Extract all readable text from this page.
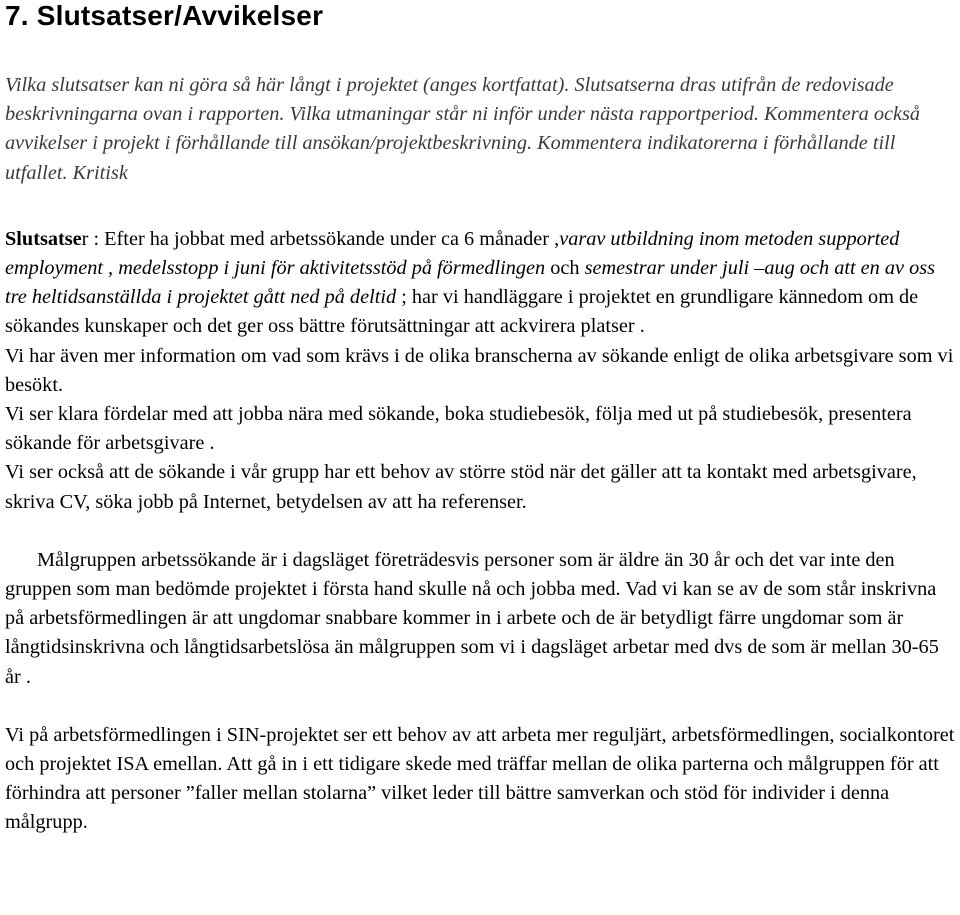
7. Slutsatser/Avvikelser

Vilka slutsatser kan ni göra så här långt i projektet (anges kortfattat). Slutsatserna dras utifrån de redovisade beskrivningarna ovan i rapporten. Vilka utmaningar står ni inför under nästa rapportperiod. Kommentera också avvikelser i projekt i förhållande till ansökan/projektbeskrivning. Kommentera indikatorerna i förhållande till utfallet. Kritisk

Slutsatser : Efter ha jobbat med arbetssökande under ca 6 månader ,varav utbildning inom metoden supported employment , medelsstopp i juni för aktivitetsstöd på förmedlingen och semestrar under juli –aug och att en av oss tre heltidsanställda i projektet gått ned på deltid ; har vi handläggare i projektet en grundligare kännedom om de sökandes kunskaper och det ger oss bättre förutsättningar att ackvirera platser .

Vi har även mer information om vad som krävs i de olika branscherna av sökande enligt de olika arbetsgivare som vi besökt.

Vi ser klara fördelar med att jobba nära med sökande, boka studiebesök, följa med ut på studiebesök, presentera sökande för arbetsgivare .

Vi ser också att de sökande i vår grupp har ett behov av större stöd när det gäller att ta kontakt med arbetsgivare, skriva CV, söka jobb på Internet, betydelsen av att ha referenser.

Målgruppen arbetssökande är i dagsläget företrädesvis personer som är äldre än 30 år och det var inte den gruppen som man bedömde projektet i första hand skulle nå och jobba med. Vad vi kan se av de som står inskrivna på arbetsförmedlingen är att ungdomar snabbare kommer in i arbete och de är betydligt färre ungdomar som är långtidsinskrivna och långtidsarbetslösa än målgruppen som vi i dagsläget arbetar med dvs de som är mellan 30-65 år .

Vi på arbetsförmedlingen i SIN-projektet ser ett behov av att arbeta mer reguljärt, arbetsförmedlingen, socialkontoret och projektet ISA emellan. Att gå in i ett tidigare skede med träffar mellan de olika parterna och målgruppen för att förhindra att personer ”faller mellan stolarna” vilket leder till bättre samverkan och stöd för individer i denna målgrupp.
